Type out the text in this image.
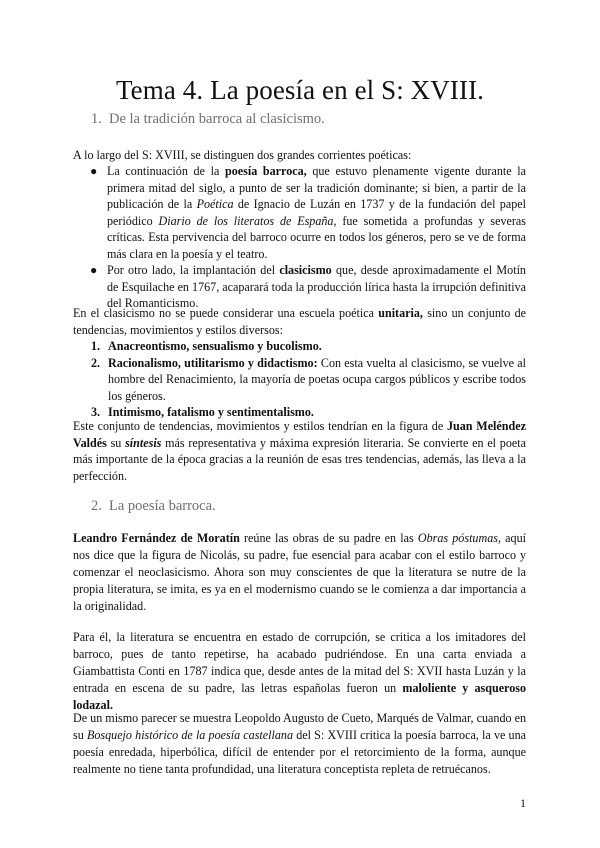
Tema 4. La poesía en el S: XVIII.
1. De la tradición barroca al clasicismo.

A lo largo del S: XVIII, se distinguen dos grandes corrientes poéticas:

● La continuación de la poesía barroca, que estuvo plenamente vigente durante la primera mitad del siglo, a punto de ser la tradición dominante; si bien, a partir de la publicación de la Poética de Ignacio de Luzán en 1737 y de la fundación del papel periódico Diario de los literatos de España, fue sometida a profundas y severas críticas. Esta pervivencia del barroco ocurre en todos los géneros, pero se ve de forma más clara en la poesía y el teatro.
● Por otro lado, la implantación del clasicismo que, desde aproximadamente el Motín de Esquilache en 1767, acaparará toda la producción lírica hasta la irrupción definitiva del Romanticismo.

En el clasicismo no se puede considerar una escuela poética unitaria, sino un conjunto de tendencias, movimientos y estilos diversos:

1. Anacreontismo, sensualismo y bucolismo.
2. Racionalismo, utilitarismo y didactismo: Con esta vuelta al clasicismo, se vuelve al hombre del Renacimiento, la mayoría de poetas ocupa cargos públicos y escribe todos los géneros.
3. Intimismo, fatalismo y sentimentalismo.

Este conjunto de tendencias, movimientos y estilos tendrían en la figura de Juan Meléndez Valdés su síntesis más representativa y máxima expresión literaria. Se convierte en el poeta más importante de la época gracias a la reunión de esas tres tendencias, además, las lleva a la perfección.

2. La poesía barroca.

Leandro Fernández de Moratín reúne las obras de su padre en las Obras póstumas, aquí nos dice que la figura de Nicolás, su padre, fue esencial para acabar con el estilo barroco y comenzar el neoclasicismo. Ahora son muy conscientes de que la literatura se nutre de la propia literatura, se imita, es ya en el modernismo cuando se le comienza a dar importancia a la originalidad.

Para él, la literatura se encuentra en estado de corrupción, se critica a los imitadores del barroco, pues de tanto repetirse, ha acabado pudriéndose. En una carta enviada a Giambattista Conti en 1787 indica que, desde antes de la mitad del S: XVII hasta Luzán y la entrada en escena de su padre, las letras españolas fueron un maloliente y asqueroso lodazal.

De un mismo parecer se muestra Leopoldo Augusto de Cueto, Marqués de Valmar, cuando en su Bosquejo histórico de la poesía castellana del S: XVIII critica la poesía barroca, la ve una poesía enredada, hiperbólica, difícil de entender por el retorcimiento de la forma, aunque realmente no tiene tanta profundidad, una literatura conceptista repleta de retruécanos.

1
